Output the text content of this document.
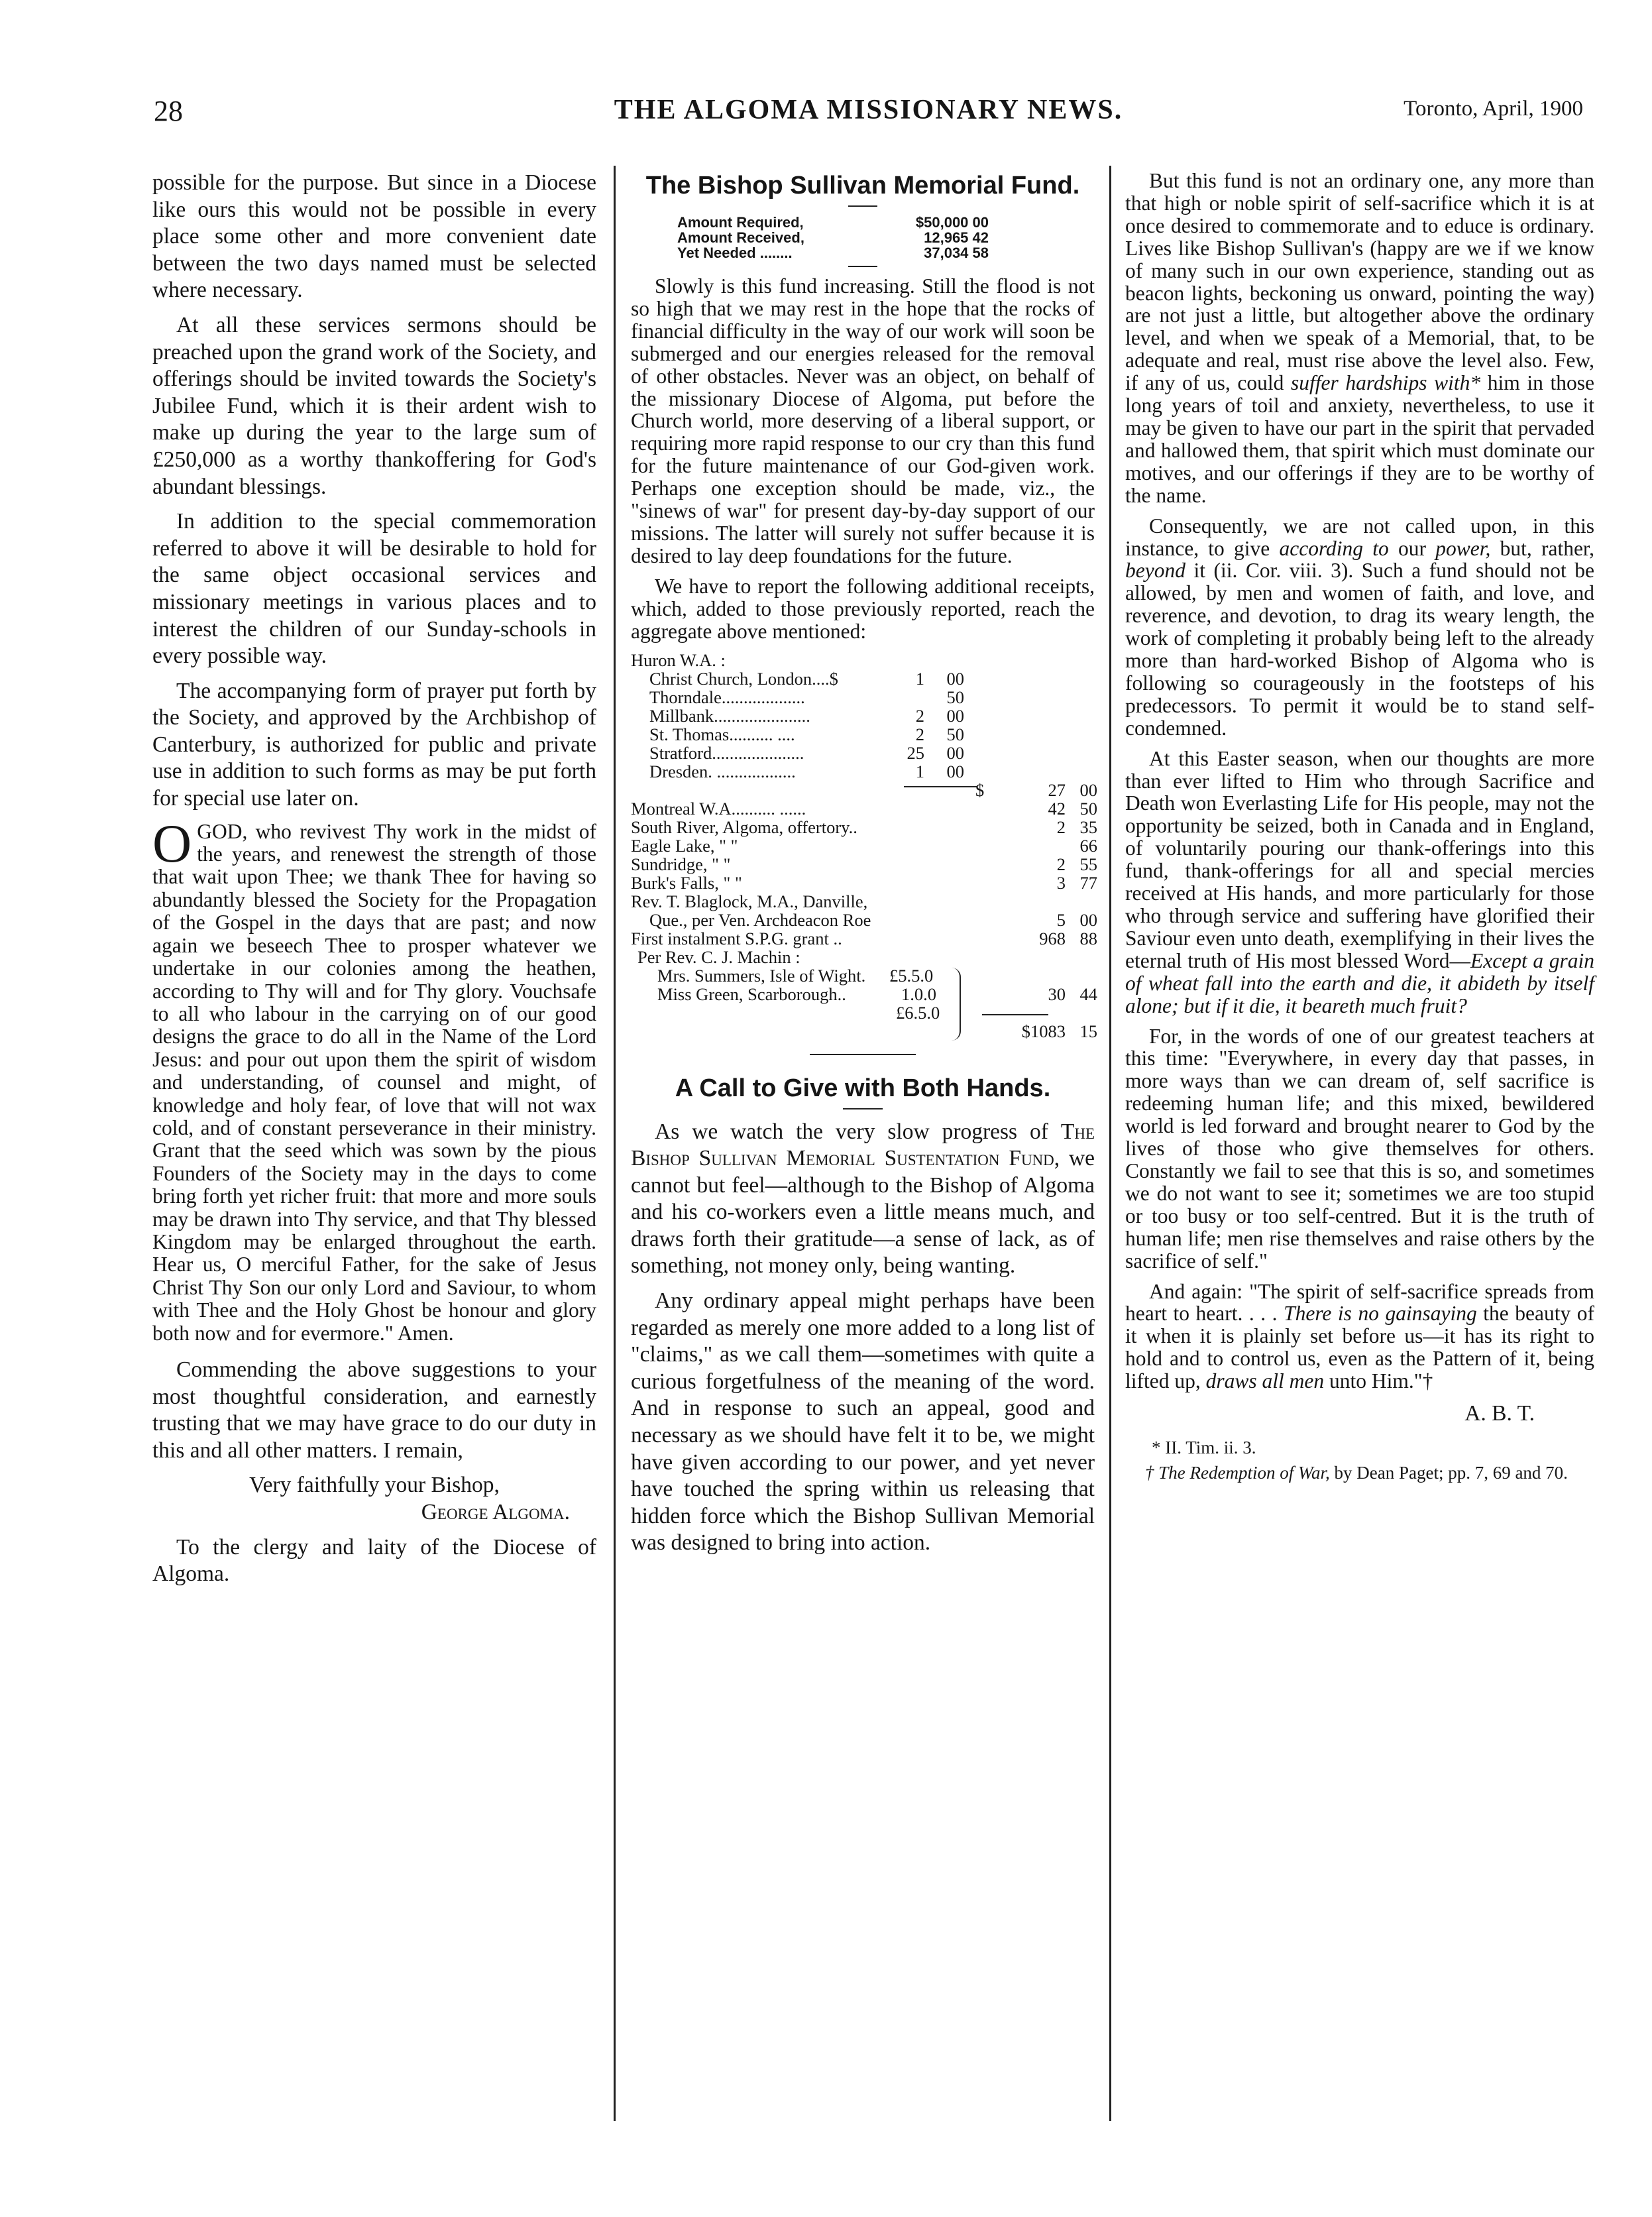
28	THE ALGOMA MISSIONARY NEWS.	Toronto, April, 1900

possible for the purpose. But since in a Diocese like ours this would not be possible in every place some other and more convenient date between the two days named must be selected where necessary.

At all these services sermons should be preached upon the grand work of the Society, and offerings should be invited towards the Society's Jubilee Fund, which it is their ardent wish to make up during the year to the large sum of £250,000 as a worthy thankoffering for God's abundant blessings.

In addition to the special commemoration referred to above it will be desirable to hold for the same object occasional services and missionary meetings in various places and to interest the children of our Sunday-schools in every possible way.

The accompanying form of prayer put forth by the Society, and approved by the Archbishop of Canterbury, is authorized for public and private use in addition to such forms as may be put forth for special use later on.

OGOD, who revivest Thy work in the midst of the years, and renewest the strength of those that wait upon Thee; we thank Thee for having so abundantly blessed the Society for the Propagation of the Gospel in the days that are past; and now again we beseech Thee to prosper whatever we undertake in our colonies among the heathen, according to Thy will and for Thy glory. Vouchsafe to all who labour in the carrying on of our good designs the grace to do all in the Name of the Lord Jesus: and pour out upon them the spirit of wisdom and understanding, of counsel and might, of knowledge and holy fear, of love that will not wax cold, and of constant perseverance in their ministry. Grant that the seed which was sown by the pious Founders of the Society may in the days to come bring forth yet richer fruit: that more and more souls may be drawn into Thy service, and that Thy blessed Kingdom may be enlarged throughout the earth. Hear us, O merciful Father, for the sake of Jesus Christ Thy Son our only Lord and Saviour, to whom with Thee and the Holy Ghost be honour and glory both now and for evermore." Amen.

Commending the above suggestions to your most thoughtful consideration, and earnestly trusting that we may have grace to do our duty in this and all other matters. I remain,

Very faithfully your Bishop,

George Algoma.

To the clergy and laity of the Diocese of Algoma.

The Bishop Sullivan Memorial Fund.
Amount Required,	$50,000 00
Amount Received,	12,965 42
Yet Needed ........	37,034 58

Slowly is this fund increasing. Still the flood is not so high that we may rest in the hope that the rocks of financial difficulty in the way of our work will soon be submerged and our energies released for the removal of other obstacles. Never was an object, on behalf of the missionary Diocese of Algoma, put before the Church world, more deserving of a liberal support, or requiring more rapid response to our cry than this fund for the future maintenance of our God-given work. Perhaps one exception should be made, viz., the "sinews of war" for present day-by-day support of our missions. The latter will surely not suffer because it is desired to lay deep foundations for the future.

We have to report the following additional receipts, which, added to those previously reported, reach the aggregate above mentioned:

Huron W.A. :
Christ Church, London....$	1	00
Thorndale...................	50
Millbank......................	2	00
St. Thomas.......... ....	2	50
Stratford.....................	25	00
Dresden. ..................	1	00
$	27 00
Montreal W.A.......... ......	42 50
South River, Algoma, offertory..	2 35
Eagle Lake, " "	66
Sundridge, " "	2 55
Burk's Falls, " "	3 77
Rev. T. Blaglock, M.A., Danville,
Que., per Ven. Archdeacon Roe	5 00
First instalment S.P.G. grant ..	968 88
Per Rev. C. J. Machin :
Mrs. Summers, Isle of Wight. £5.5.0
Miss Green, Scarborough..	1.0.0	30 44
£6.5.0
$1083 15
A Call to Give with Both Hands.

As we watch the very slow progress of The Bishop Sullivan Memorial Sustentation Fund, we cannot but feel—although to the Bishop of Algoma and his co-workers even a little means much, and draws forth their gratitude—a sense of lack, as of something, not money only, being wanting.

Any ordinary appeal might perhaps have been regarded as merely one more added to a long list of "claims," as we call them—sometimes with quite a curious forgetfulness of the meaning of the word. And in response to such an appeal, good and necessary as we should have felt it to be, we might have given according to our power, and yet never have touched the spring within us releasing that hidden force which the Bishop Sullivan Memorial was designed to bring into action.

But this fund is not an ordinary one, any more than that high or noble spirit of self-sacrifice which it is at once desired to commemorate and to educe is ordinary. Lives like Bishop Sullivan's (happy are we if we know of many such in our own experience, standing out as beacon lights, beckoning us onward, pointing the way) are not just a little, but altogether above the ordinary level, and when we speak of a Memorial, that, to be adequate and real, must rise above the level also. Few, if any of us, could suffer hardships with* him in those long years of toil and anxiety, nevertheless, to use it may be given to have our part in the spirit that pervaded and hallowed them, that spirit which must dominate our motives, and our offerings if they are to be worthy of the name.

Consequently, we are not called upon, in this instance, to give according to our power, but, rather, beyond it (ii. Cor. viii. 3). Such a fund should not be allowed, by men and women of faith, and love, and reverence, and devotion, to drag its weary length, the work of completing it probably being left to the already more than hard-worked Bishop of Algoma who is following so courageously in the footsteps of his predecessors. To permit it would be to stand self-condemned.

At this Easter season, when our thoughts are more than ever lifted to Him who through Sacrifice and Death won Everlasting Life for His people, may not the opportunity be seized, both in Canada and in England, of voluntarily pouring our thank-offerings into this fund, thank-offerings for all and special mercies received at His hands, and more particularly for those who through service and suffering have glorified their Saviour even unto death, exemplifying in their lives the eternal truth of His most blessed Word—Except a grain of wheat fall into the earth and die, it abideth by itself alone; but if it die, it beareth much fruit?

For, in the words of one of our greatest teachers at this time: "Everywhere, in every day that passes, in more ways than we can dream of, self sacrifice is redeeming human life; and this mixed, bewildered world is led forward and brought nearer to God by the lives of those who give themselves for others. Constantly we fail to see that this is so, and sometimes we do not want to see it; sometimes we are too stupid or too busy or too self-centred. But it is the truth of human life; men rise themselves and raise others by the sacrifice of self."

And again: "The spirit of self-sacrifice spreads from heart to heart. . . . There is no gainsaying the beauty of it when it is plainly set before us—it has its right to hold and to control us, even as the Pattern of it, being lifted up, draws all men unto Him."†

A. B. T.

* II. Tim. ii. 3.

† The Redemption of War, by Dean Paget; pp. 7, 69 and 70.
